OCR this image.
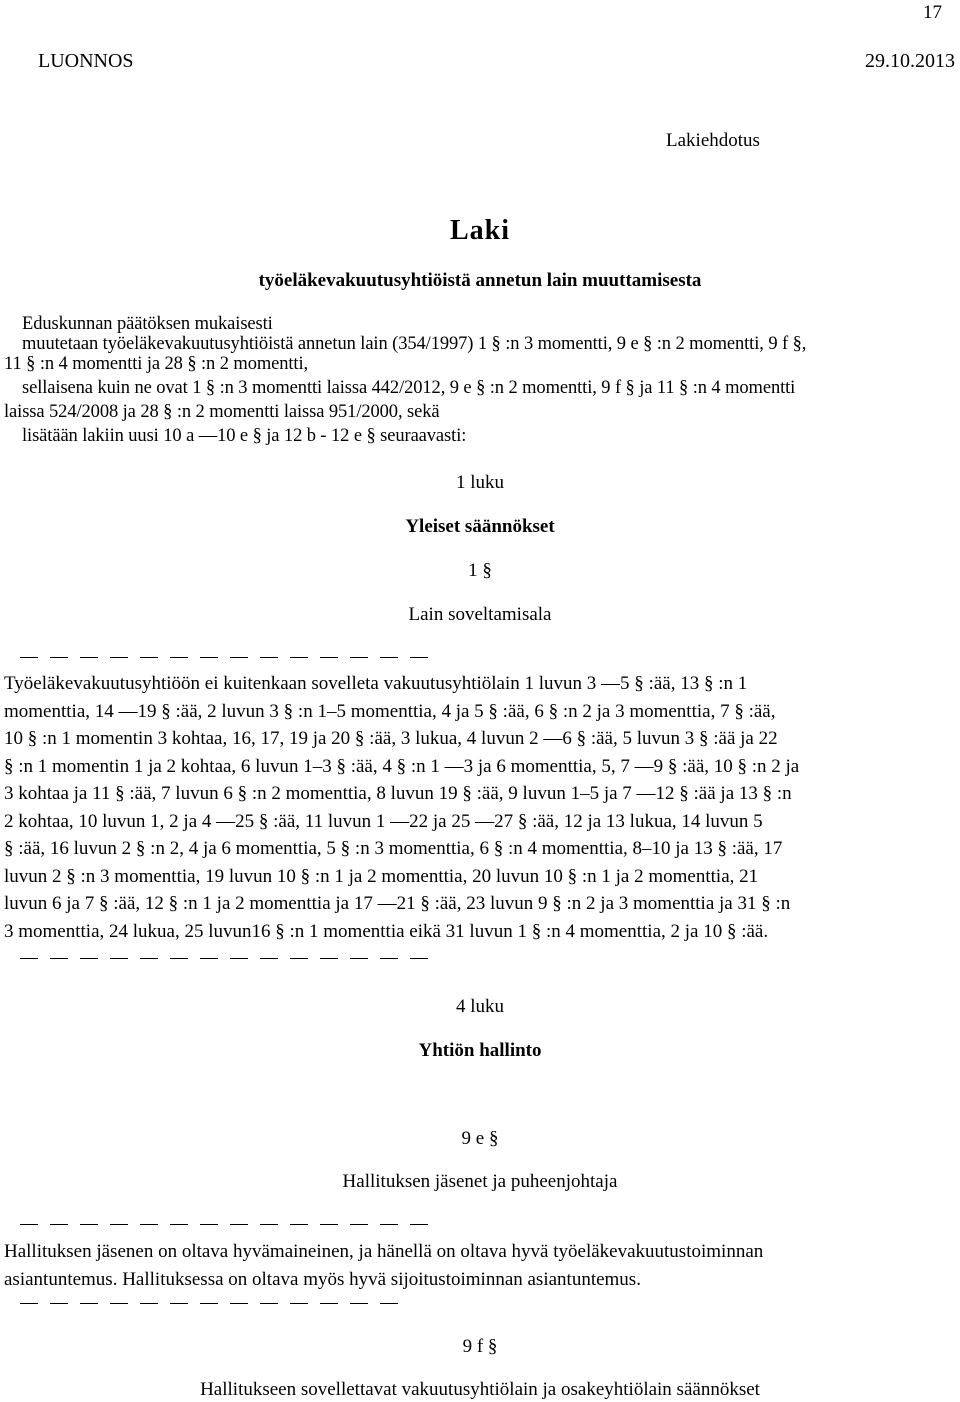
17
LUONNOS	29.10.2013
Lakiehdotus
Laki
työeläkevakuutusyhtiöistä annetun lain muuttamisesta
Eduskunnan päätöksen mukaisesti
muutetaan työeläkevakuutusyhtiöistä annetun lain (354/1997) 1 § :n 3 momentti, 9 e § :n 2 momentti, 9 f §,
11 § :n 4 momentti ja 28 § :n 2 momentti,
sellaisena kuin ne ovat 1 § :n 3 momentti laissa 442/2012, 9 e § :n 2 momentti, 9 f § ja 11 § :n 4 momentti
laissa 524/2008 ja 28 § :n 2 momentti laissa 951/2000, sekä
lisätään lakiin uusi 10 a —10 e § ja 12 b - 12 e § seuraavasti:
1 luku
Yleiset säännökset
1 §
Lain soveltamisala
Työeläkevakuutusyhtiöön ei kuitenkaan sovelleta vakuutusyhtiölain 1 luvun 3 —5 § :ää, 13 § :n 1
momenttia, 14 —19 § :ää, 2 luvun 3 § :n 1–5 momenttia, 4 ja 5 § :ää, 6 § :n 2 ja 3 momenttia, 7 § :ää,
10 § :n 1 momentin 3 kohtaa, 16, 17, 19 ja 20 § :ää, 3 lukua, 4 luvun 2 —6 § :ää, 5 luvun 3 § :ää ja 22
§ :n 1 momentin 1 ja 2 kohtaa, 6 luvun 1–3 § :ää, 4 § :n 1 —3 ja 6 momenttia, 5, 7 —9 § :ää, 10 § :n 2 ja
3 kohtaa ja 11 § :ää, 7 luvun 6 § :n 2 momenttia, 8 luvun 19 § :ää, 9 luvun 1–5 ja 7 —12 § :ää ja 13 § :n
2 kohtaa, 10 luvun 1, 2 ja 4 —25 § :ää, 11 luvun 1 —22 ja 25 —27 § :ää, 12 ja 13 lukua, 14 luvun 5
§ :ää, 16 luvun 2 § :n 2, 4 ja 6 momenttia, 5 § :n 3 momenttia, 6 § :n 4 momenttia, 8–10 ja 13 § :ää, 17
luvun 2 § :n 3 momenttia, 19 luvun 10 § :n 1 ja 2 momenttia, 20 luvun 10 § :n 1 ja 2 momenttia, 21
luvun 6 ja 7 § :ää, 12 § :n 1 ja 2 momenttia ja 17 —21 § :ää, 23 luvun 9 § :n 2 ja 3 momenttia ja 31 § :n
3 momenttia, 24 lukua, 25 luvun16 § :n 1 momenttia eikä 31 luvun 1 § :n 4 momenttia, 2 ja 10 § :ää.
4 luku
Yhtiön hallinto
9 e §
Hallituksen jäsenet ja puheenjohtaja
Hallituksen jäsenen on oltava hyvämaineinen, ja hänellä on oltava hyvä työeläkevakuutustoiminnan
asiantuntemus. Hallituksessa on oltava myös hyvä sijoitustoiminnan asiantuntemus.
9 f §
Hallitukseen sovellettavat vakuutusyhtiölain ja osakeyhtiölain säännökset
